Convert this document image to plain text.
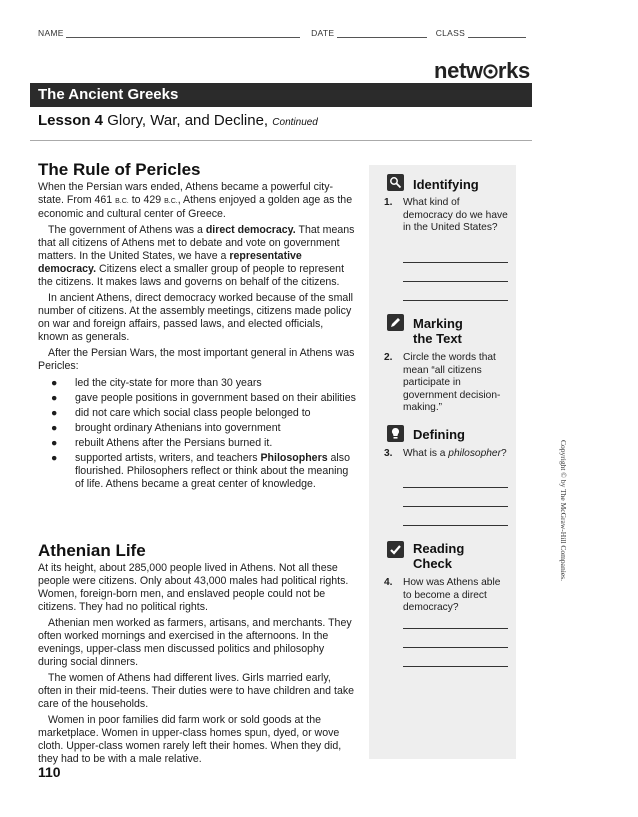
NAME	DATE	CLASS
netw rks
The Ancient Greeks
Lesson 4 Glory, War, and Decline, Continued
The Rule of Pericles
When the Persian wars ended, Athens became a powerful city-state. From 461 B.C. to 429 B.C., Athens enjoyed a golden age as the economic and cultural center of Greece.
The government of Athens was a direct democracy. That means that all citizens of Athens met to debate and vote on government matters. In the United States, we have a representative democracy. Citizens elect a smaller group of people to represent the citizens. It makes laws and governs on behalf of the citizens.
In ancient Athens, direct democracy worked because of the small number of citizens. At the assembly meetings, citizens made policy on war and foreign affairs, passed laws, and elected officials, known as generals.
After the Persian Wars, the most important general in Athens was Pericles:
● led the city-state for more than 30 years
● gave people positions in government based on their abilities
● did not care which social class people belonged to
● brought ordinary Athenians into government
● rebuilt Athens after the Persians burned it.
● supported artists, writers, and teachers Philosophers also flourished. Philosophers reflect or think about the meaning of life. Athens became a great center of knowledge.
Athenian Life
At its height, about 285,000 people lived in Athens. Not all these people were citizens. Only about 43,000 males had political rights. Women, foreign-born men, and enslaved people could not be citizens. They had no political rights.
Athenian men worked as farmers, artisans, and merchants. They often worked mornings and exercised in the afternoons. In the evenings, upper-class men discussed politics and philosophy during social dinners.
The women of Athens had different lives. Girls married early, often in their mid-teens. Their duties were to have children and take care of the households.
Women in poor families did farm work or sold goods at the marketplace. Women in upper-class homes spun, dyed, or wove cloth. Upper-class women rarely left their homes. When they did, they had to be with a male relative.
Identifying
1. What kind of democracy do we have in the United States?
Marking
the Text
2. Circle the words that mean “all citizens participate in government decision-making.”
Defining
3. What is a philosopher?
Reading
Check
4. How was Athens able to become a direct democracy?
Copyright © by The McGraw-Hill Companies.
110
